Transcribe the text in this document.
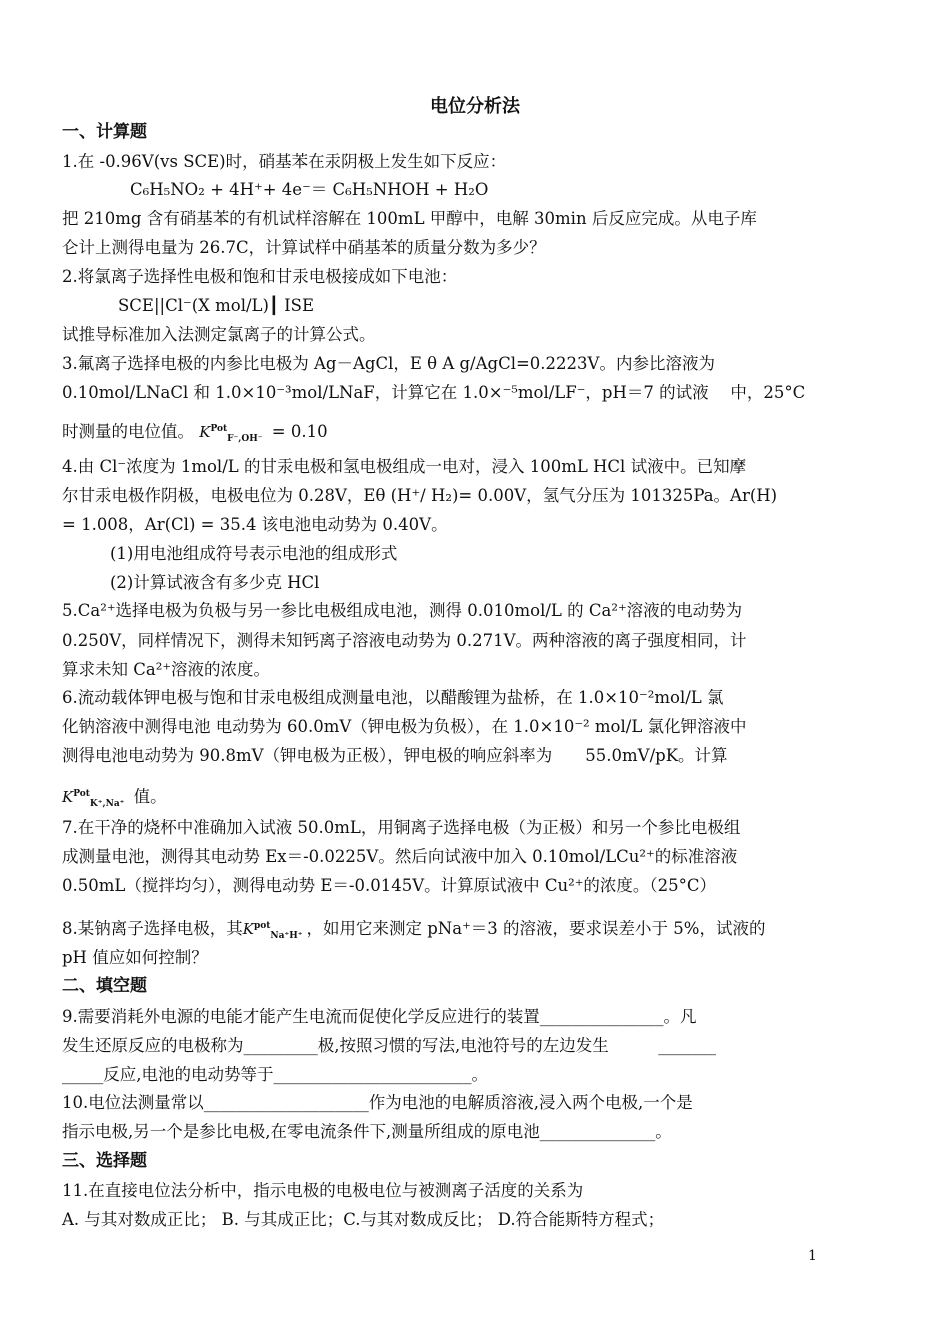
电位分析法
一、计算题
1.在 -0.96V(vs SCE)时，硝基苯在汞阴极上发生如下反应：
C₆H₅NO₂ + 4H⁺+ 4e⁻＝ C₆H₅NHOH + H₂O
把 210mg 含有硝基苯的有机试样溶解在 100mL 甲醇中，电解 30min 后反应完成。从电子库
仑计上测得电量为 26.7C，计算试样中硝基苯的质量分数为多少？
2.将氯离子选择性电极和饱和甘汞电极接成如下电池：
SCE||Cl⁻(X mol/L)┃ ISE
试推导标准加入法测定氯离子的计算公式。
3.氟离子选择电极的内参比电极为 Ag－AgCl，E θ A g/AgCl=0.2223V。内参比溶液为
0.10mol/LNaCl 和 1.0×10⁻³mol/LNaF，计算它在 1.0×⁻⁵mol/LF⁻，pH＝7 的试液　 中，25°C
时测量的电位值。 $K^{Pot}_{F^-,OH^-} = 0.10$
4.由 Cl⁻浓度为 1mol/L 的甘汞电极和氢电极组成一电对，浸入 100mL HCl 试液中。已知摩
尔甘汞电极作阴极，电极电位为 0.28V，Eθ (H⁺/ H₂)= 0.00V，氢气分压为 101325Pa。Ar(H)
= 1.008，Ar(Cl) = 35.4 该电池电动势为 0.40V。
(1)用电池组成符号表示电池的组成形式
(2)计算试液含有多少克 HCl
5.Ca²⁺选择电极为负极与另一参比电极组成电池，测得 0.010mol/L 的 Ca²⁺溶液的电动势为
0.250V，同样情况下，测得未知钙离子溶液电动势为 0.271V。两种溶液的离子强度相同，计
算求未知 Ca²⁺溶液的浓度。
6.流动载体钾电极与饱和甘汞电极组成测量电池，以醋酸锂为盐桥，在 1.0×10⁻²mol/L 氯
化钠溶液中测得电池 电动势为 60.0mV（钾电极为负极），在 1.0×10⁻² mol/L 氯化钾溶液中
测得电池电动势为 90.8mV（钾电极为正极），钾电极的响应斜率为　　55.0mV/pK。计算
$K^{Pot}_{K^+,Na^+}$ 值。
7.在干净的烧杯中准确加入试液 50.0mL，用铜离子选择电极（为正极）和另一个参比电极组
成测量电池，测得其电动势 Ex＝-0.0225V。然后向试液中加入 0.10mol/LCu²⁺的标准溶液
0.50mL（搅拌均匀），测得电动势 E＝-0.0145V。计算原试液中 Cu²⁺的浓度。（25°C）
8.某钠离子选择电极，其$K^{pot}_{Na^+H^+}$ ，如用它来测定 pNa⁺＝3 的溶液，要求误差小于 5%，试液的
pH 值应如何控制？
二、填空题
9.需要消耗外电源的电能才能产生电流而促使化学反应进行的装置_______________。凡
发生还原反应的电极称为_________极,按照习惯的写法,电池符号的左边发生　　　_______
_____反应,电池的电动势等于________________________。
10.电位法测量常以____________________作为电池的电解质溶液,浸入两个电极,一个是
指示电极,另一个是参比电极,在零电流条件下,测量所组成的原电池______________。
三、选择题
11.在直接电位法分析中，指示电极的电极电位与被测离子活度的关系为
A. 与其对数成正比； B. 与其成正比；C.与其对数成反比； D.符合能斯特方程式；
1
